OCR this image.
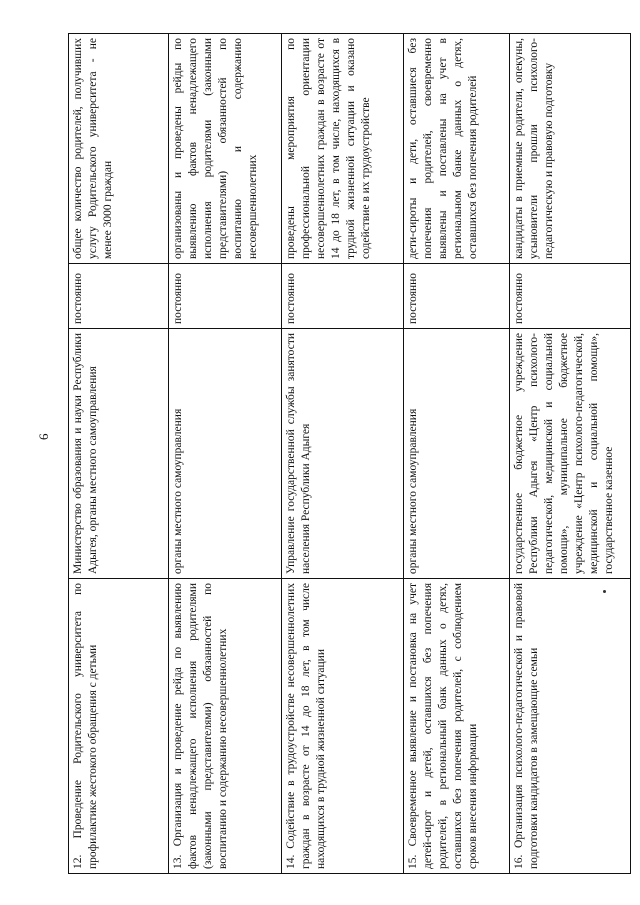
6
12. Проведение Родительского университета по профилактике жестокого обращения с детьми	Министерство образования и науки Республики Адыгея, органы местного самоуправления	постоянно	общее количество родителей, получивших услугу Родительского университета - не менее 3000 граждан
13. Организация и проведение рейда по выявлению фактов ненадлежащего исполнения родителями (законными представителями) обязанностей по воспитанию и содержанию несовершеннолетних	органы местного самоуправления	постоянно	организованы и проведены рейды по выявлению фактов ненадлежащего исполнения родителями (законными представителями) обязанностей по воспитанию и содержанию несовершеннолетних
14. Содействие в трудоустройстве несовершеннолетних граждан в возрасте от 14 до 18 лет, в том числе находящихся в трудной жизненной ситуации	Управление государственной службы занятости населения Республики Адыгея	постоянно	проведены мероприятия по профессиональной ориентации несовершеннолетних граждан в возрасте от 14 до 18 лет, в том числе, находящихся в трудной жизненной ситуации и оказано содействие в их трудоустройстве
15. Своевременное выявление и постановка на учет детей-сирот и детей, оставшихся без попечения родителей, в региональный банк данных о детях, оставшихся без попечения родителей, с соблюдением сроков внесения информации	органы местного самоуправления	постоянно	дети-сироты и дети, оставшиеся без попечения родителей, своевременно выявлены и поставлены на учет в региональном банке данных о детях, оставшихся без попечения родителей
16. Организация психолого-педагогической и правовой подготовки кандидатов в замещающие семьи	государственное бюджетное учреждение Республики Адыгея «Центр психолого-педагогической, медицинской и социальной помощи», муниципальное бюджетное учреждение «Центр психолого-педагогической, медицинской и социальной помощи», государственное казенное	постоянно	кандидаты в приемные родители, опекуны, усыновители прошли психолого-педагогическую и правовую подготовку
